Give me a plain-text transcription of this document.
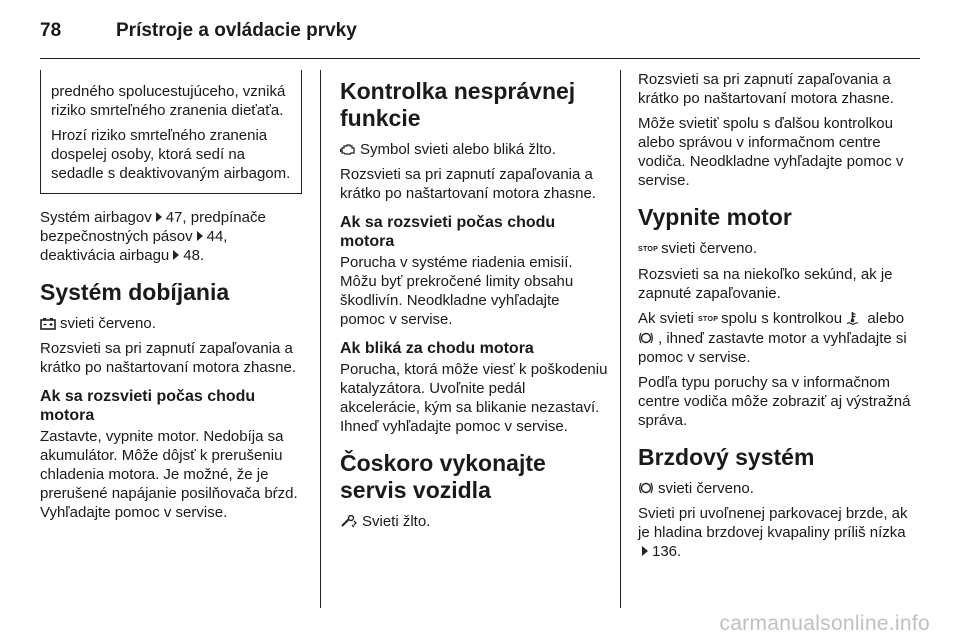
78	Prístroje a ovládacie prvky

predného spolucestujúceho, vzniká riziko smrteľného zranenia dieťaťa.

Hrozí riziko smrteľného zranenia dospelej osoby, ktorá sedí na sedadle s deaktivovaným airbagom.

Systém airbagov 47, predpínače bezpečnostných pásov 44, deaktivácia airbagu 48.

Systém dobíjania

svieti červeno.

Rozsvieti sa pri zapnutí zapaľovania a krátko po naštartovaní motora zhasne.

Ak sa rozsvieti počas chodu motora

Zastavte, vypnite motor. Nedobíja sa akumulátor. Môže dôjsť k prerušeniu chladenia motora. Je možné, že je prerušené napájanie posilňovača bŕzd. Vyhľadajte pomoc v servise.

Kontrolka nesprávnej funkcie

Symbol svieti alebo bliká žlto.

Rozsvieti sa pri zapnutí zapaľovania a krátko po naštartovaní motora zhasne.

Ak sa rozsvieti počas chodu motora

Porucha v systéme riadenia emisií. Môžu byť prekročené limity obsahu škodlivín. Neodkladne vyhľadajte pomoc v servise.

Ak bliká za chodu motora

Porucha, ktorá môže viesť k poškodeniu katalyzátora. Uvoľnite pedál akcelerácie, kým sa blikanie nezastaví. Ihneď vyhľadajte pomoc v servise.

Čoskoro vykonajte servis vozidla

Svieti žlto.

Rozsvieti sa pri zapnutí zapaľovania a krátko po naštartovaní motora zhasne.

Môže svietiť spolu s ďalšou kontrolkou alebo správou v informačnom centre vodiča. Neodkladne vyhľadajte pomoc v servise.

Vypnite motor

STOP svieti červeno.

Rozsvieti sa na niekoľko sekúnd, ak je zapnuté zapaľovanie.

Ak svieti STOP spolu s kontrolkou alebo , ihneď zastavte motor a vyhľadajte si pomoc v servise.

Podľa typu poruchy sa v informačnom centre vodiča môže zobraziť aj výstražná správa.

Brzdový systém

svieti červeno.

Svieti pri uvoľnenej parkovacej brzde, ak je hladina brzdovej kvapaliny príliš nízka136.

carmanualsonline.info
